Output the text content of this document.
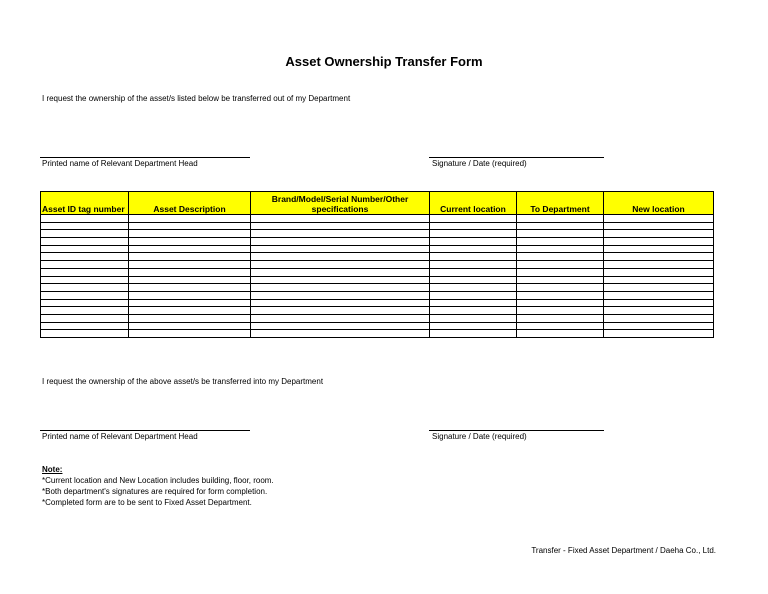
Asset Ownership Transfer Form
I request the ownership of the asset/s listed below be transferred out of my Department
Printed name of Relevant Department Head	Signature / Date (required)
Asset ID tag number	Asset Description	Brand/Model/Serial Number/Other specifications	Current location	To Department	New location

I request the ownership of the above asset/s be transferred into my Department
Printed name of Relevant Department Head	Signature / Date (required)
Note:
*Current location and New Location includes building, floor, room.
*Both department's signatures are required for form completion.
*Completed form are to be sent to Fixed Asset Department.
Transfer - Fixed Asset Department / Daeha Co., Ltd.
